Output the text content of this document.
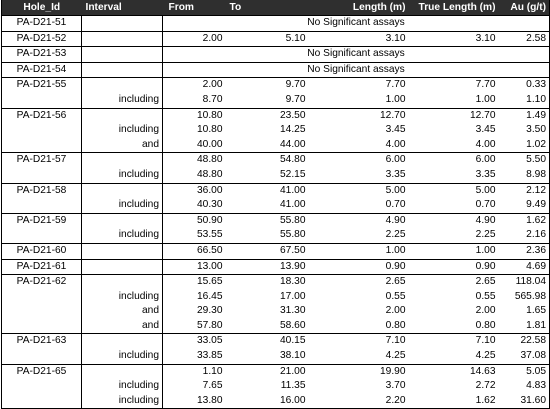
Hole_Id	Interval	From	To	Length (m)	True Length (m)	Au (g/t)
PA-D21-51		No Significant assays				
PA-D21-52		2.00	5.10	3.10	3.10	2.58
PA-D21-53		No Significant assays				
PA-D21-54		No Significant assays				
PA-D21-55		2.00	9.70	7.70	7.70	0.33
	including	8.70	9.70	1.00	1.00	1.10
PA-D21-56		10.80	23.50	12.70	12.70	1.49
	including	10.80	14.25	3.45	3.45	3.50
	and	40.00	44.00	4.00	4.00	1.02
PA-D21-57		48.80	54.80	6.00	6.00	5.50
	including	48.80	52.15	3.35	3.35	8.98
PA-D21-58		36.00	41.00	5.00	5.00	2.12
	including	40.30	41.00	0.70	0.70	9.49
PA-D21-59		50.90	55.80	4.90	4.90	1.62
	including	53.55	55.80	2.25	2.25	2.16
PA-D21-60		66.50	67.50	1.00	1.00	2.36
PA-D21-61		13.00	13.90	0.90	0.90	4.69
PA-D21-62		15.65	18.30	2.65	2.65	118.04
	including	16.45	17.00	0.55	0.55	565.98
	and	29.30	31.30	2.00	2.00	1.65
	and	57.80	58.60	0.80	0.80	1.81
PA-D21-63		33.05	40.15	7.10	7.10	22.58
	including	33.85	38.10	4.25	4.25	37.08
PA-D21-65		1.10	21.00	19.90	14.63	5.05
	including	7.65	11.35	3.70	2.72	4.83
	including	13.80	16.00	2.20	1.62	31.60
